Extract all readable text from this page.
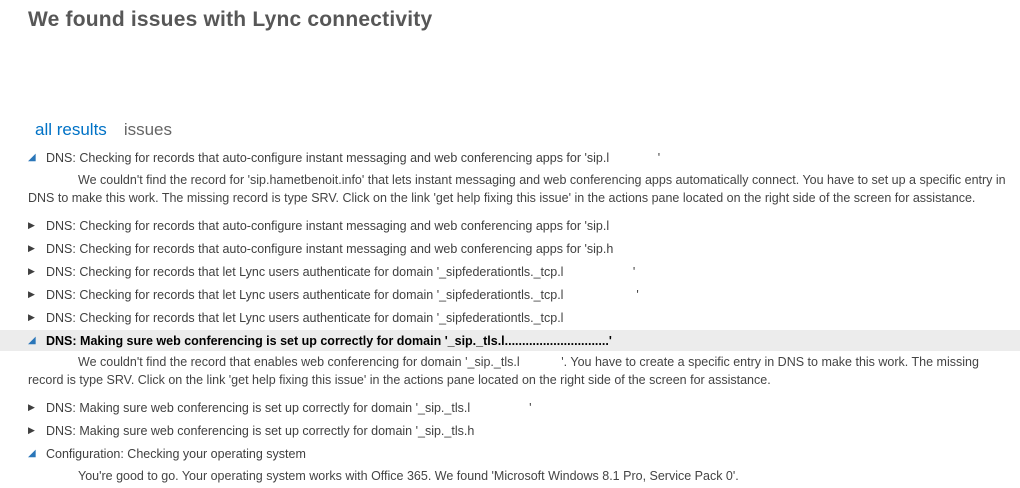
We found issues with Lync connectivity
all results issues
◢ DNS: Checking for records that auto-configure instant messaging and web conferencing apps for 'sip.l              '

We couldn't find the record for 'sip.hametbenoit.info' that lets instant messaging and web conferencing apps automatically connect. You have to set up a specific entry in DNS to make this work. The missing record is type SRV. Click on the link 'get help fixing this issue' in the actions pane located on the right side of the screen for assistance.

▶ DNS: Checking for records that auto-configure instant messaging and web conferencing apps for 'sip.l
▶ DNS: Checking for records that auto-configure instant messaging and web conferencing apps for 'sip.h
▶ DNS: Checking for records that let Lync users authenticate for domain '_sipfederationtls._tcp.l                    '
▶ DNS: Checking for records that let Lync users authenticate for domain '_sipfederationtls._tcp.l                     '
▶ DNS: Checking for records that let Lync users authenticate for domain '_sipfederationtls._tcp.l
◢ DNS: Making sure web conferencing is set up correctly for domain '_sip._tls.l..............................'

We couldn't find the record that enables web conferencing for domain '_sip._tls.l            '. You have to create a specific entry in DNS to make this work. The missing record is type SRV. Click on the link 'get help fixing this issue' in the actions pane located on the right side of the screen for assistance.

▶ DNS: Making sure web conferencing is set up correctly for domain '_sip._tls.l                 '
▶ DNS: Making sure web conferencing is set up correctly for domain '_sip._tls.h
◢ Configuration: Checking your operating system

You're good to go. Your operating system works with Office 365. We found 'Microsoft Windows 8.1 Pro, Service Pack 0'.
